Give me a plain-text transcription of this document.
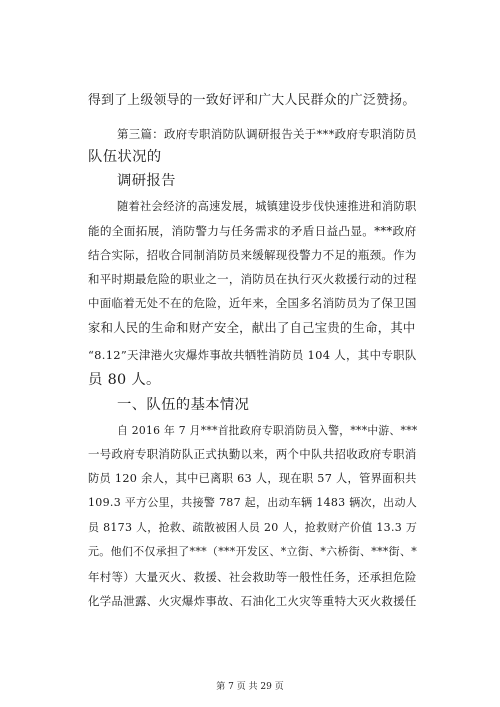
得到了上级领导的一致好评和广大人民群众的广泛赞扬。
第三篇：政府专职消防队调研报告关于***政府专职消防员
队伍状况的
调研报告
随着社会经济的高速发展，城镇建设步伐快速推进和消防职
能的全面拓展，消防警力与任务需求的矛盾日益凸显。***政府
结合实际，招收合同制消防员来缓解现役警力不足的瓶颈。作为
和平时期最危险的职业之一，消防员在执行灭火救援行动的过程
中面临着无处不在的危险，近年来，全国多名消防员为了保卫国
家和人民的生命和财产安全，献出了自己宝贵的生命，其中
“8.12”天津港火灾爆炸事故共牺牲消防员 104 人，其中专职队
员 80 人。
一、队伍的基本情况
自 2016 年 7 月***首批政府专职消防员入警，***中游、***
一号政府专职消防队正式执勤以来，两个中队共招收政府专职消
防员 120 余人，其中已离职 63 人，现在职 57 人，管界面积共
109.3 平方公里，共接警 787 起，出动车辆 1483 辆次，出动人
员 8173 人，抢救、疏散被困人员 20 人，抢救财产价值 13.3 万
元。他们不仅承担了***（***开发区、*立街、*六桥街、***街、*
年村等）大量灭火、救援、社会救助等一般性任务，还承担危险
化学品泄露、火灾爆炸事故、石油化工火灾等重特大灭火救援任
第 7 页 共 29 页
